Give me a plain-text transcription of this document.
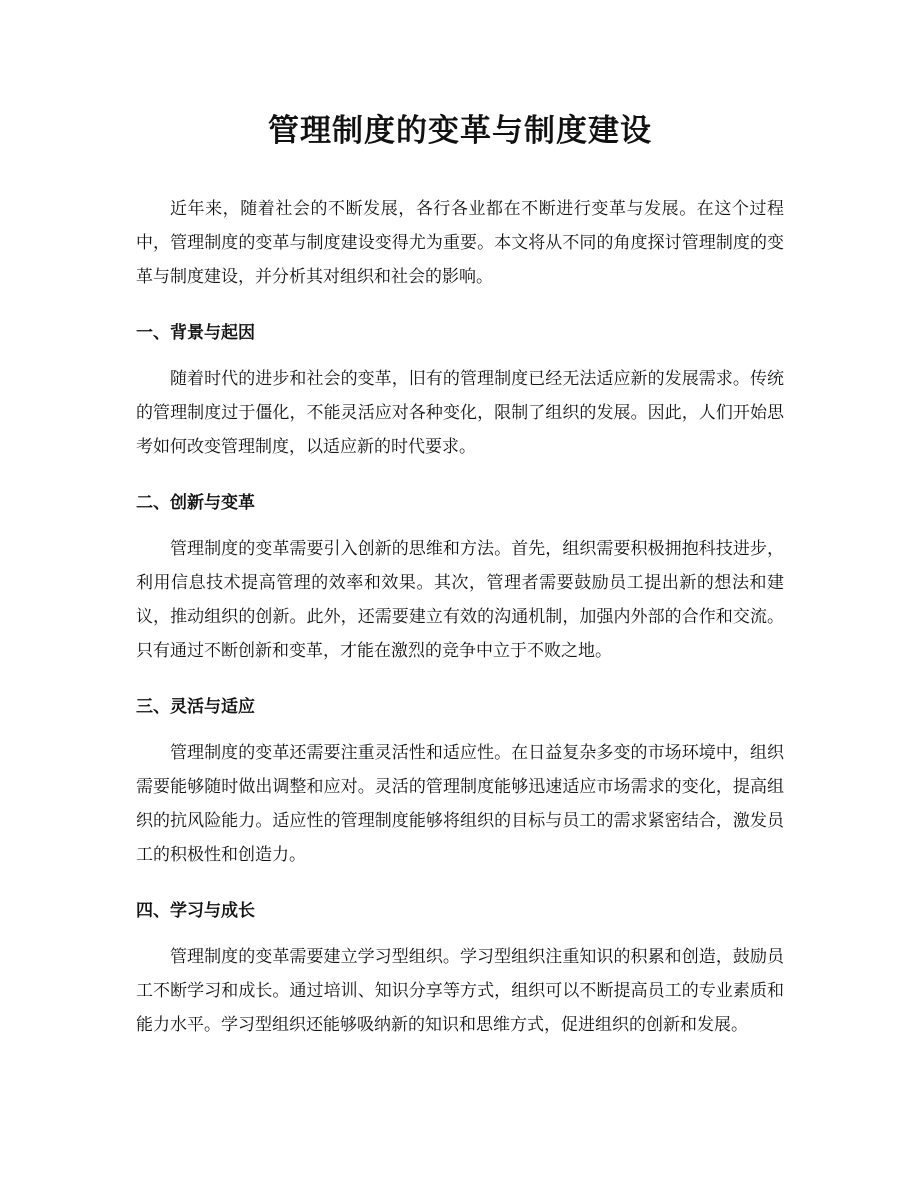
管理制度的变革与制度建设

近年来，随着社会的不断发展，各行各业都在不断进行变革与发展。在这个过程中，管理制度的变革与制度建设变得尤为重要。本文将从不同的角度探讨管理制度的变革与制度建设，并分析其对组织和社会的影响。

一、背景与起因

随着时代的进步和社会的变革，旧有的管理制度已经无法适应新的发展需求。传统的管理制度过于僵化，不能灵活应对各种变化，限制了组织的发展。因此，人们开始思考如何改变管理制度，以适应新的时代要求。

二、创新与变革

管理制度的变革需要引入创新的思维和方法。首先，组织需要积极拥抱科技进步，利用信息技术提高管理的效率和效果。其次，管理者需要鼓励员工提出新的想法和建议，推动组织的创新。此外，还需要建立有效的沟通机制，加强内外部的合作和交流。只有通过不断创新和变革，才能在激烈的竞争中立于不败之地。

三、灵活与适应

管理制度的变革还需要注重灵活性和适应性。在日益复杂多变的市场环境中，组织需要能够随时做出调整和应对。灵活的管理制度能够迅速适应市场需求的变化，提高组织的抗风险能力。适应性的管理制度能够将组织的目标与员工的需求紧密结合，激发员工的积极性和创造力。

四、学习与成长

管理制度的变革需要建立学习型组织。学习型组织注重知识的积累和创造，鼓励员工不断学习和成长。通过培训、知识分享等方式，组织可以不断提高员工的专业素质和能力水平。学习型组织还能够吸纳新的知识和思维方式，促进组织的创新和发展。
